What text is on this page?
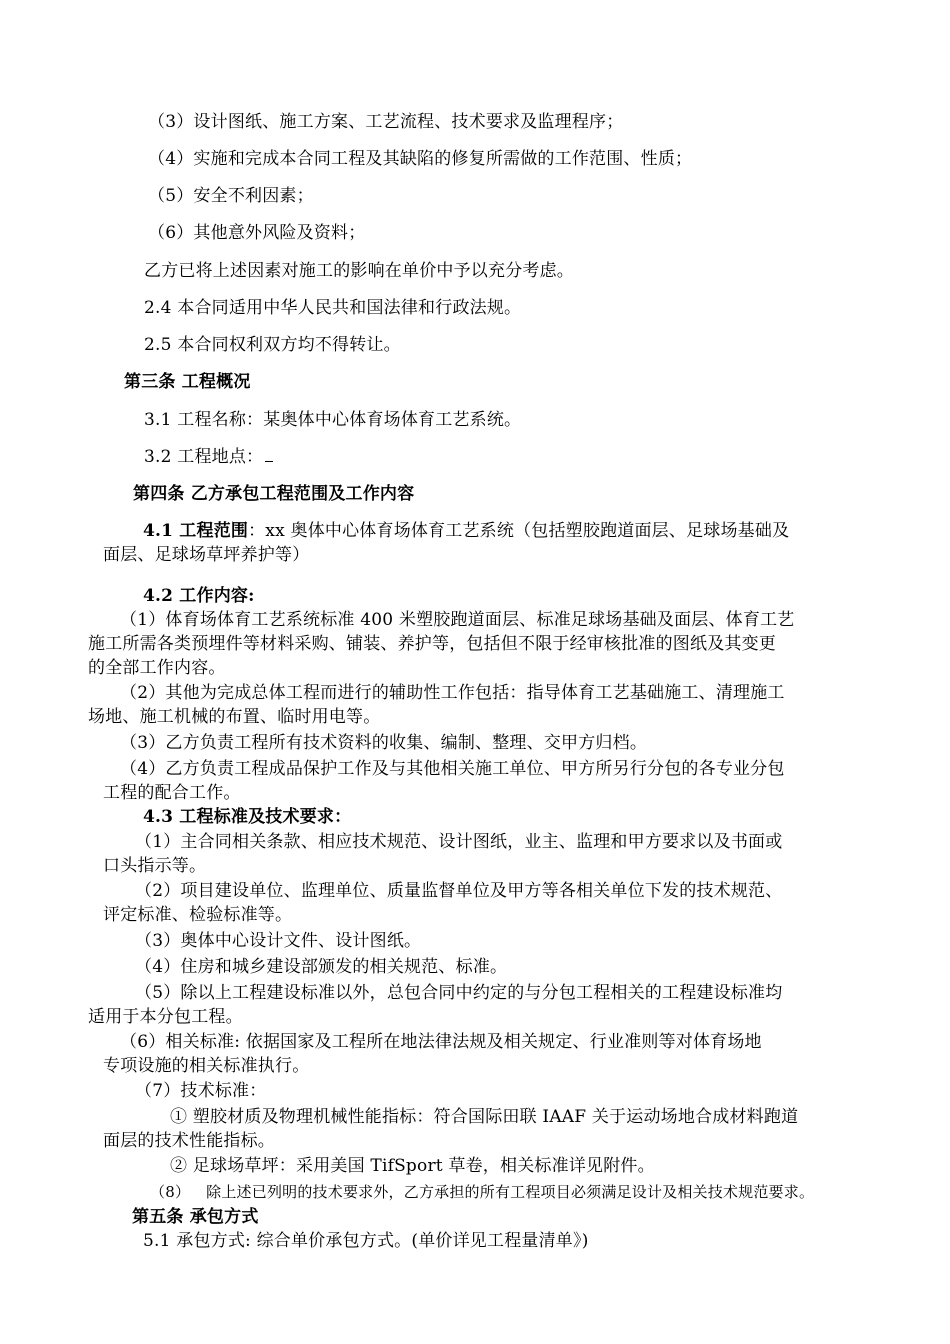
（3）设计图纸、施工方案、工艺流程、技术要求及监理程序；
（4）实施和完成本合同工程及其缺陷的修复所需做的工作范围、性质；
（5）安全不利因素；
（6）其他意外风险及资料；
乙方已将上述因素对施工的影响在单价中予以充分考虑。
2.4 本合同适用中华人民共和国法律和行政法规。
2.5 本合同权利双方均不得转让。
第三条 工程概况
3.1 工程名称：某奥体中心体育场体育工艺系统。
3.2 工程地点：
第四条 乙方承包工程范围及工作内容
4.1 工程范围：xx 奥体中心体育场体育工艺系统（包括塑胶跑道面层、足球场基础及
面层、足球场草坪养护等）
4.2 工作内容:
（1）体育场体育工艺系统标准 400 米塑胶跑道面层、标准足球场基础及面层、体育工艺
施工所需各类预埋件等材料采购、铺装、养护等，包括但不限于经审核批准的图纸及其变更
的全部工作内容。
（2）其他为完成总体工程而进行的辅助性工作包括：指导体育工艺基础施工、清理施工
场地、施工机械的布置、临时用电等。
（3）乙方负责工程所有技术资料的收集、编制、整理、交甲方归档。
（4）乙方负责工程成品保护工作及与其他相关施工单位、甲方所另行分包的各专业分包
工程的配合工作。
4.3 工程标准及技术要求：
（1）主合同相关条款、相应技术规范、设计图纸，业主、监理和甲方要求以及书面或
口头指示等。
（2）项目建设单位、监理单位、质量监督单位及甲方等各相关单位下发的技术规范、
评定标准、检验标准等。
（3）奥体中心设计文件、设计图纸。
（4）住房和城乡建设部颁发的相关规范、标准。
（5）除以上工程建设标准以外，总包合同中约定的与分包工程相关的工程建设标准均
适用于本分包工程。
（6）相关标准: 依据国家及工程所在地法律法规及相关规定、行业准则等对体育场地
专项设施的相关标准执行。
（7）技术标准：
① 塑胶材质及物理机械性能指标：符合国际田联 IAAF 关于运动场地合成材料跑道
面层的技术性能指标。
② 足球场草坪：采用美国 TifSport 草卷，相关标准详见附件。
（8） 除上述已列明的技术要求外，乙方承担的所有工程项目必须满足设计及相关技术规范要求。
第五条 承包方式
5.1 承包方式: 综合单价承包方式。(单价详见工程量清单》)
